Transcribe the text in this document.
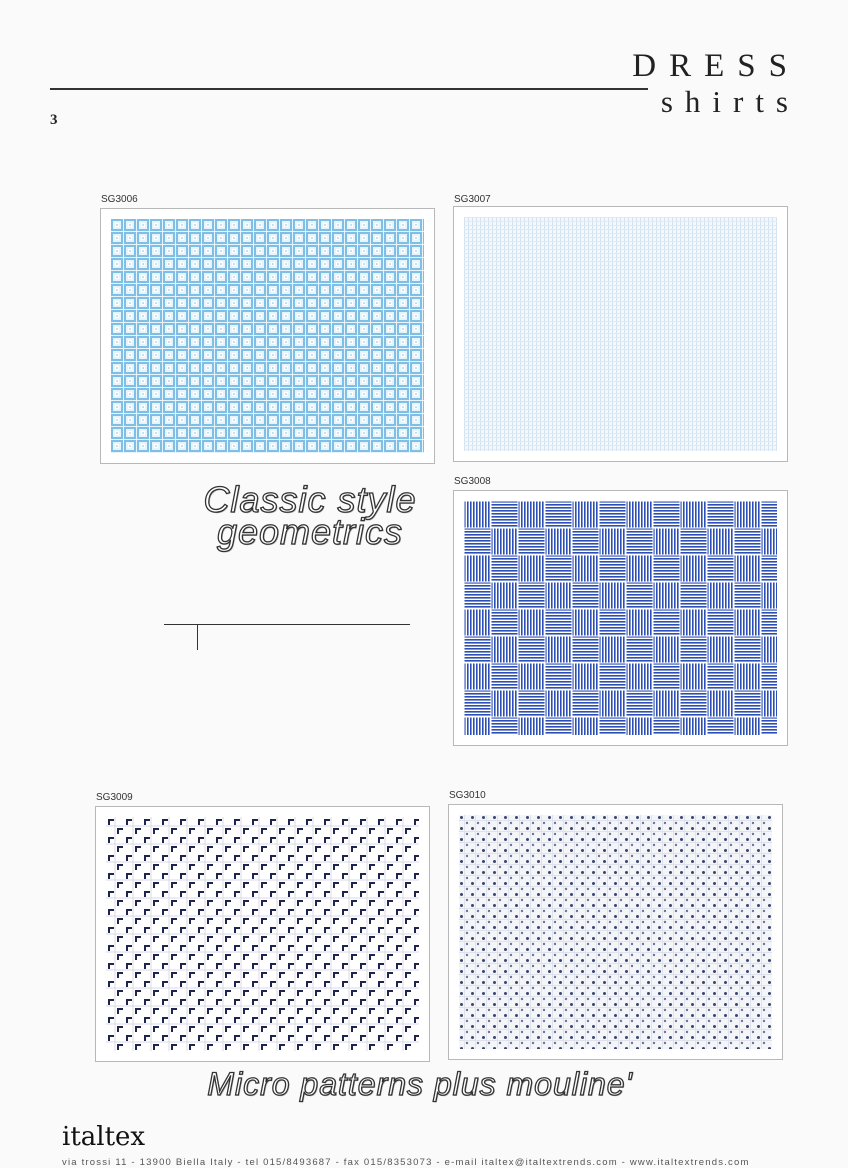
DRESS
shirts
3
SG3006	SG3007
Classic style
geometrics
SG3008
SG3009	SG3010
Micro patterns plus mouline'
italtex
via trossi 11 - 13900 Biella Italy - tel 015/8493687 - fax 015/8353073 - e-mail italtex@italtextrends.com - www.italtextrends.com
